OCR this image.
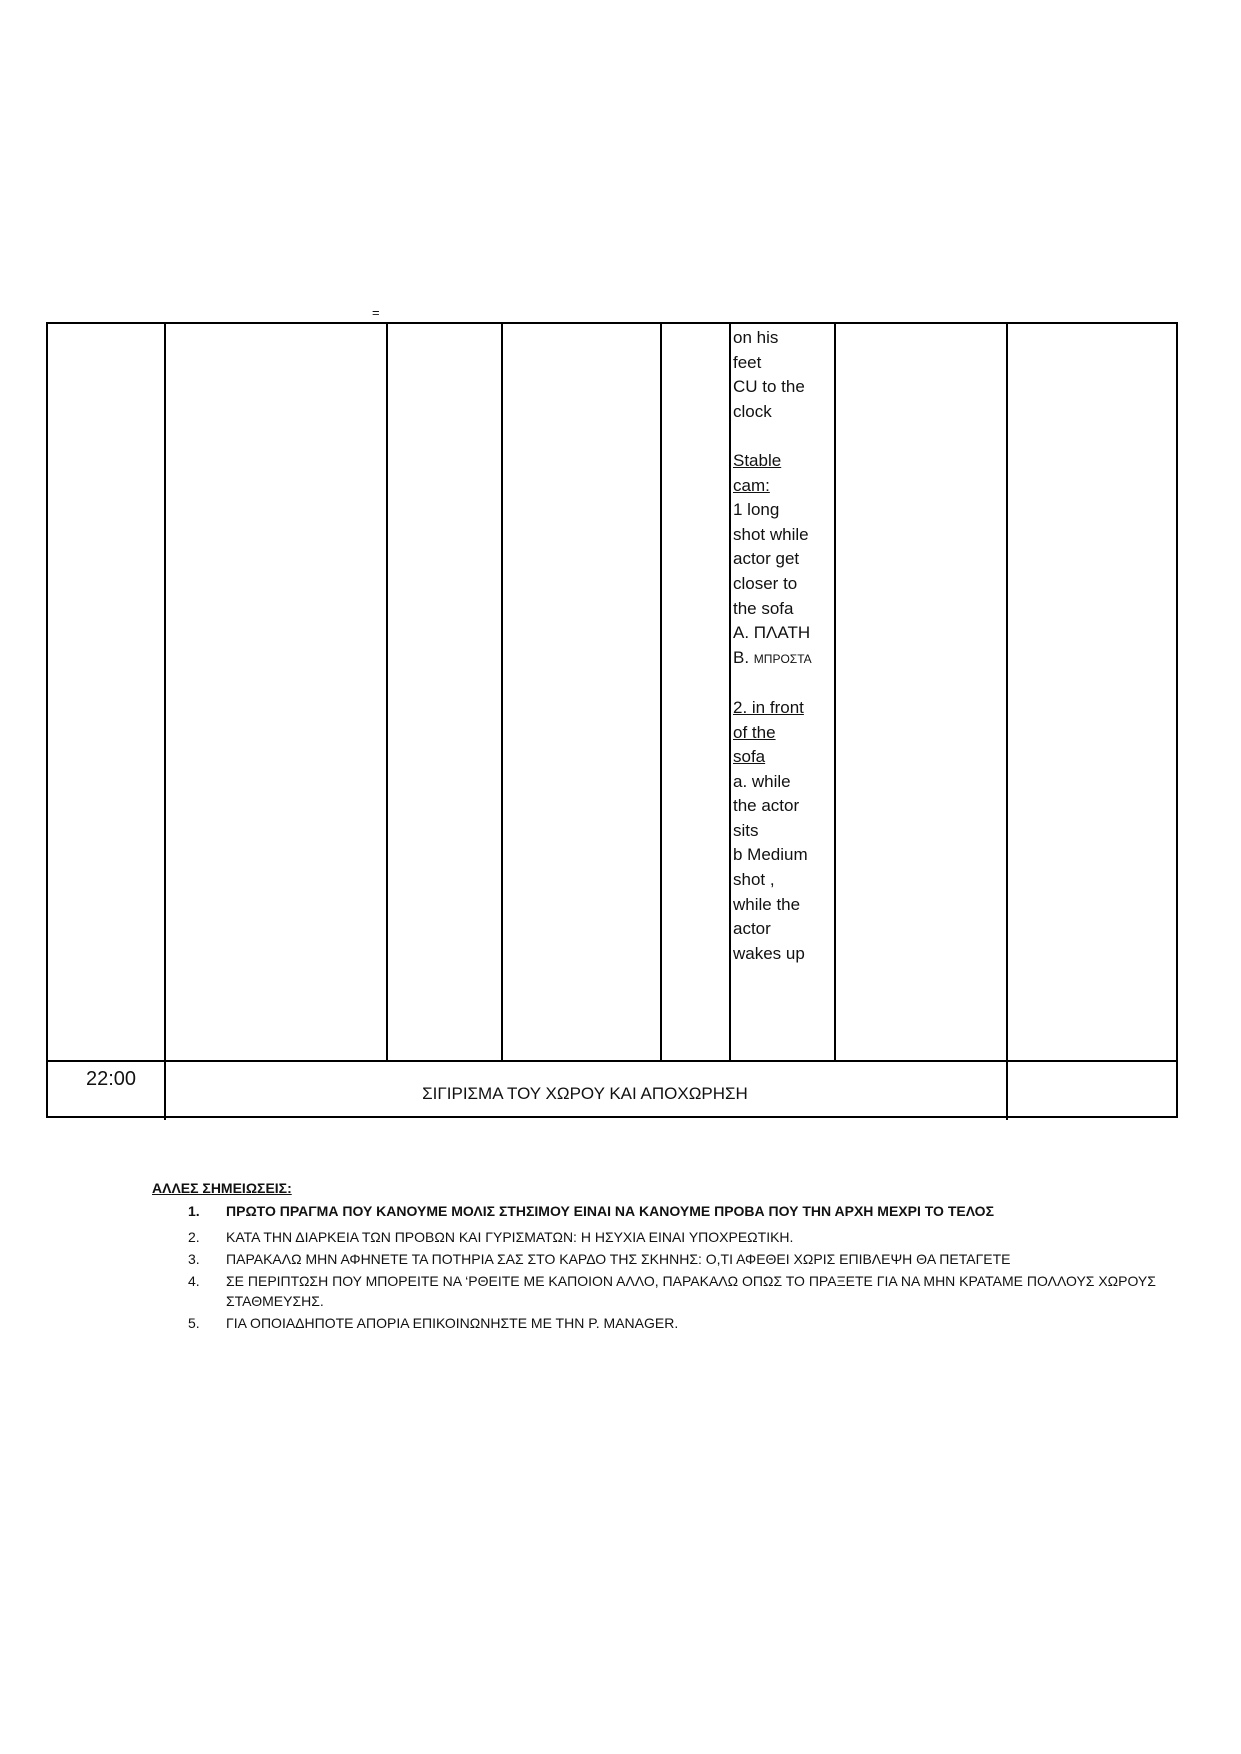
=
on his
feet
CU to the
clock
Stable
cam:
1 long
shot while
actor get
closer to
the sofa
Α. ΠΛΑΤΗ
Β. ΜΠΡΟΣΤΑ
2. in front
of the
sofa
a. while
the actor
sits
b Medium
shot ,
while the
actor
wakes up
22:00
ΣΙΓΙΡΙΣΜΑ ΤΟΥ ΧΩΡΟΥ ΚΑΙ ΑΠΟΧΩΡΗΣΗ
ΑΛΛΕΣ ΣΗΜΕΙΩΣΕΙΣ:
1. ΠΡΩΤΟ ΠΡΑΓΜΑ ΠΟΥ ΚΑΝΟΥΜΕ ΜΟΛΙΣ ΣΤΗΣΙΜΟΥ ΕΙΝΑΙ ΝΑ ΚΑΝΟΥΜΕ ΠΡΟΒΑ ΠΟΥ ΤΗΝ ΑΡΧΗ ΜΕΧΡΙ ΤΟ ΤΕΛΟΣ
2. ΚΑΤΑ ΤΗΝ ΔΙΑΡΚΕΙΑ ΤΩΝ ΠΡΟΒΩΝ ΚΑΙ ΓΥΡΙΣΜΑΤΩΝ: Η ΗΣΥΧΙΑ ΕΙΝΑΙ ΥΠΟΧΡΕΩΤΙΚΗ.
3. ΠΑΡΑΚΑΛΩ ΜΗΝ ΑΦΗΝΕΤΕ ΤΑ ΠΟΤΗΡΙΑ ΣΑΣ ΣΤΟ ΚΑΡΔΟ ΤΗΣ ΣΚΗΝΗΣ: Ο,ΤΙ ΑΦΕΘΕΙ ΧΩΡΙΣ ΕΠΙΒΛΕΨΗ ΘΑ ΠΕΤΑΓΕΤΕ
4. ΣΕ ΠΕΡΙΠΤΩΣΗ ΠΟΥ ΜΠΟΡΕΙΤΕ ΝΑ ‘ΡΘΕΙΤΕ ΜΕ ΚΑΠΟΙΟΝ ΑΛΛΟ, ΠΑΡΑΚΑΛΩ ΟΠΩΣ ΤΟ ΠΡΑΞΕΤΕ ΓΙΑ ΝΑ ΜΗΝ ΚΡΑΤΑΜΕ ΠΟΛΛΟΥΣ ΧΩΡΟΥΣ ΣΤΑΘΜΕΥΣΗΣ.
5. ΓΙΑ ΟΠΟΙΑΔΗΠΟΤΕ ΑΠΟΡΙΑ ΕΠΙΚΟΙΝΩΝΗΣΤΕ ΜΕ ΤΗΝ Ρ. MANAGER.
